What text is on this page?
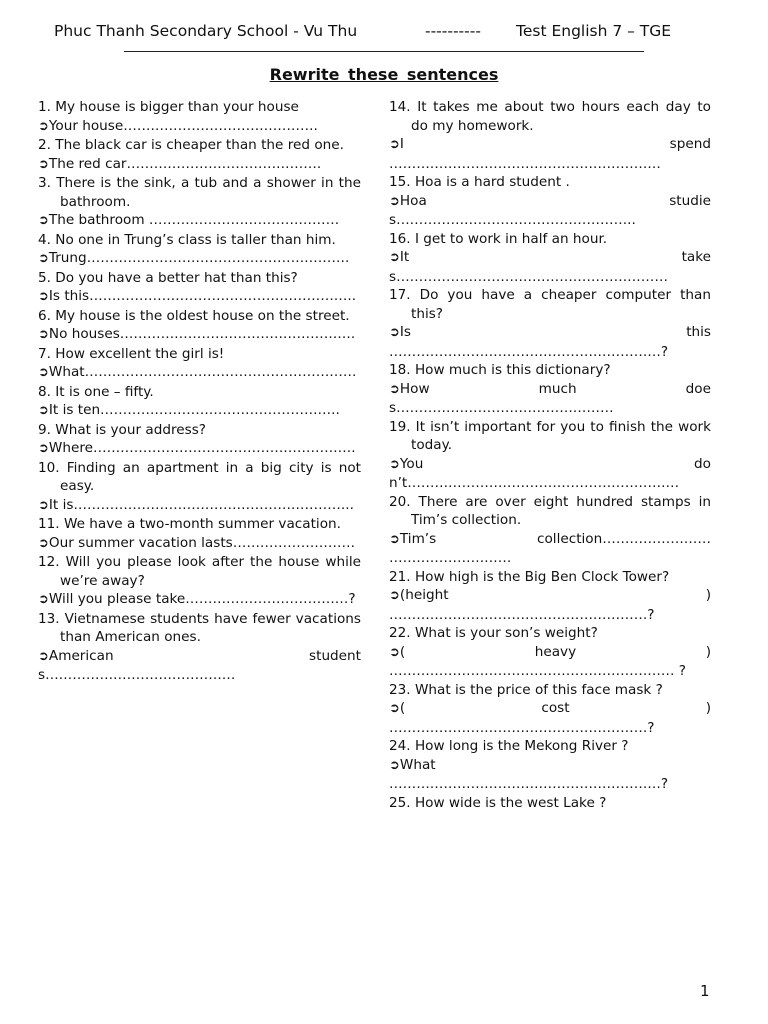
Phuc Thanh Secondary School - Vu Thu	---------- Test English 7 – TGE
Rewrite these sentences
1. My house is bigger than your house
➲Your house…………………………………….
2. The black car is cheaper than the red one.
➲The red car…………………………………….
3. There is the sink, a tub and a shower in the bathroom.
➲The bathroom ……………………………………
4. No one in Trung’s class is taller than him.
➲Trung………………………………………………….
5. Do you have a better hat than this?
➲Is this…………………………………………………..
6. My house is the oldest house on the street.
➲No houses…………………………………………….
7. How excellent the girl is!
➲What……………………………………………………
8. It is one – fifty.
➲It is ten……………………………………………..
9. What is your address?
➲Where………………………………………………….
10. Finding an apartment in a big city is not easy.
➲It is……………………………………………………..
11. We have a two-month summer vacation.
➲Our summer vacation lasts………………………
12. Will you please look after the house while we’re away?
➲Will you please take………………………………?
13. Vietnamese students have fewer vacations than American ones.
➲American students……………………………………
14. It takes me about two hours each day to do my homework.
➲I spend ……………………………………………………
15. Hoa is a hard student .
➲Hoa studies……………………………………………..
16. I get to work in half an hour.
➲It takes……………………………………………………
17. Do you have a cheaper computer than this?
➲Is this ……………………………………………………?
18. How much is this dictionary?
➲How much does…………………………………………
19. It isn’t important for you to finish the work today.
➲You don’t……………………………………………………
20. There are over eight hundred stamps in Tim’s collection.
➲Tim’s collection…………………… ………………………
21. How high is the Big Ben Clock Tower?
➲(height ) …………………………………………………?
22. What is your son’s weight?
➲( heavy ) ……………………………………………………… ?
23. What is the price of this face mask ?
➲( cost ) …………………………………………………?
24. How long is the Mekong River ?
➲What ……………………………………………………?
25. How wide is the west Lake ?
1
